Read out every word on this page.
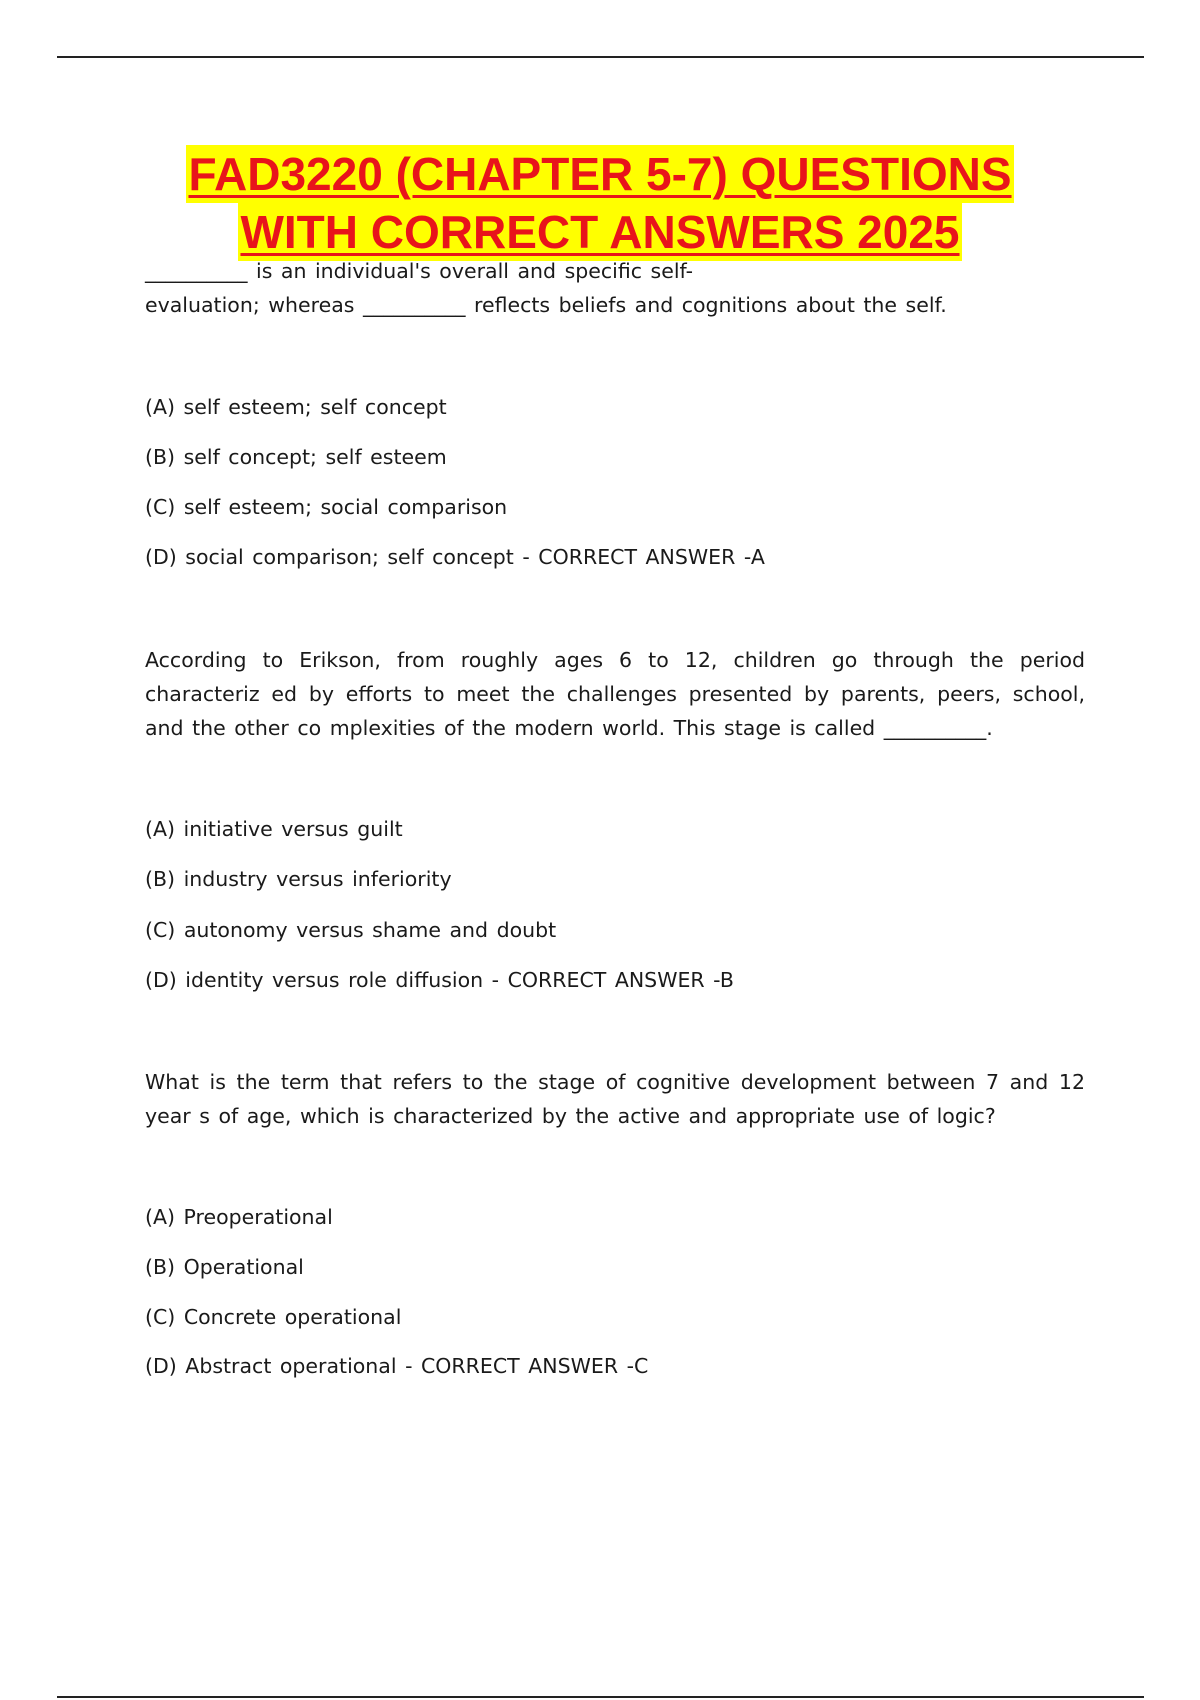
FAD3220 (CHAPTER 5-7) QUESTIONS
WITH CORRECT ANSWERS 2025

__________ is an individual's overall and specific self-
evaluation; whereas __________ reflects beliefs and cognitions about the self.

(A) self esteem; self concept

(B) self concept; self esteem

(C) self esteem; social comparison

(D) social comparison; self concept - CORRECT ANSWER -A

According to Erikson, from roughly ages 6 to 12, children go through the period characteriz ed by efforts to meet the challenges presented by parents, peers, school, and the other co mplexities of the modern world. This stage is called __________.

(A) initiative versus guilt

(B) industry versus inferiority

(C) autonomy versus shame and doubt

(D) identity versus role diffusion - CORRECT ANSWER -B

What is the term that refers to the stage of cognitive development between 7 and 12 year s of age, which is characterized by the active and appropriate use of logic?

(A) Preoperational

(B) Operational

(C) Concrete operational

(D) Abstract operational - CORRECT ANSWER -C
